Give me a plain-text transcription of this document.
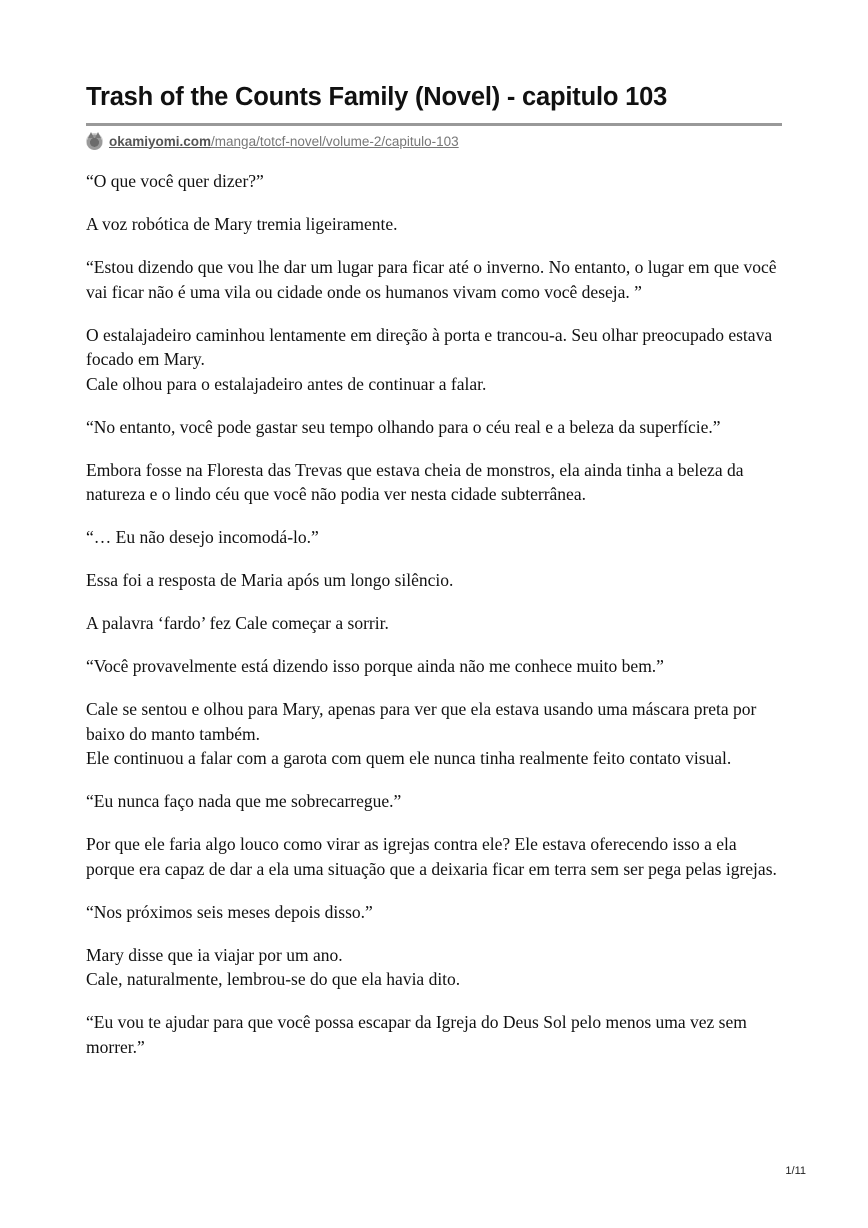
Trash of the Counts Family (Novel) - capitulo 103
okamiyomi.com /manga/totcf-novel/volume-2/capitulo-103

“O que você quer dizer?”

A voz robótica de Mary tremia ligeiramente.

“Estou dizendo que vou lhe dar um lugar para ficar até o inverno. No entanto, o lugar em que você vai ficar não é uma vila ou cidade onde os humanos vivam como você deseja. ”

O estalajadeiro caminhou lentamente em direção à porta e trancou-a. Seu olhar preocupado estava focado em Mary.
Cale olhou para o estalajadeiro antes de continuar a falar.

“No entanto, você pode gastar seu tempo olhando para o céu real e a beleza da superfície.”

Embora fosse na Floresta das Trevas que estava cheia de monstros, ela ainda tinha a beleza da natureza e o lindo céu que você não podia ver nesta cidade subterrânea.

“… Eu não desejo incomodá-lo.”

Essa foi a resposta de Maria após um longo silêncio.

A palavra ‘fardo’ fez Cale começar a sorrir.

“Você provavelmente está dizendo isso porque ainda não me conhece muito bem.”

Cale se sentou e olhou para Mary, apenas para ver que ela estava usando uma máscara preta por baixo do manto também.
Ele continuou a falar com a garota com quem ele nunca tinha realmente feito contato visual.

“Eu nunca faço nada que me sobrecarregue.”

Por que ele faria algo louco como virar as igrejas contra ele? Ele estava oferecendo isso a ela porque era capaz de dar a ela uma situação que a deixaria ficar em terra sem ser pega pelas igrejas.

“Nos próximos seis meses depois disso.”

Mary disse que ia viajar por um ano.
Cale, naturalmente, lembrou-se do que ela havia dito.

“Eu vou te ajudar para que você possa escapar da Igreja do Deus Sol pelo menos uma vez sem morrer.”

1/11
